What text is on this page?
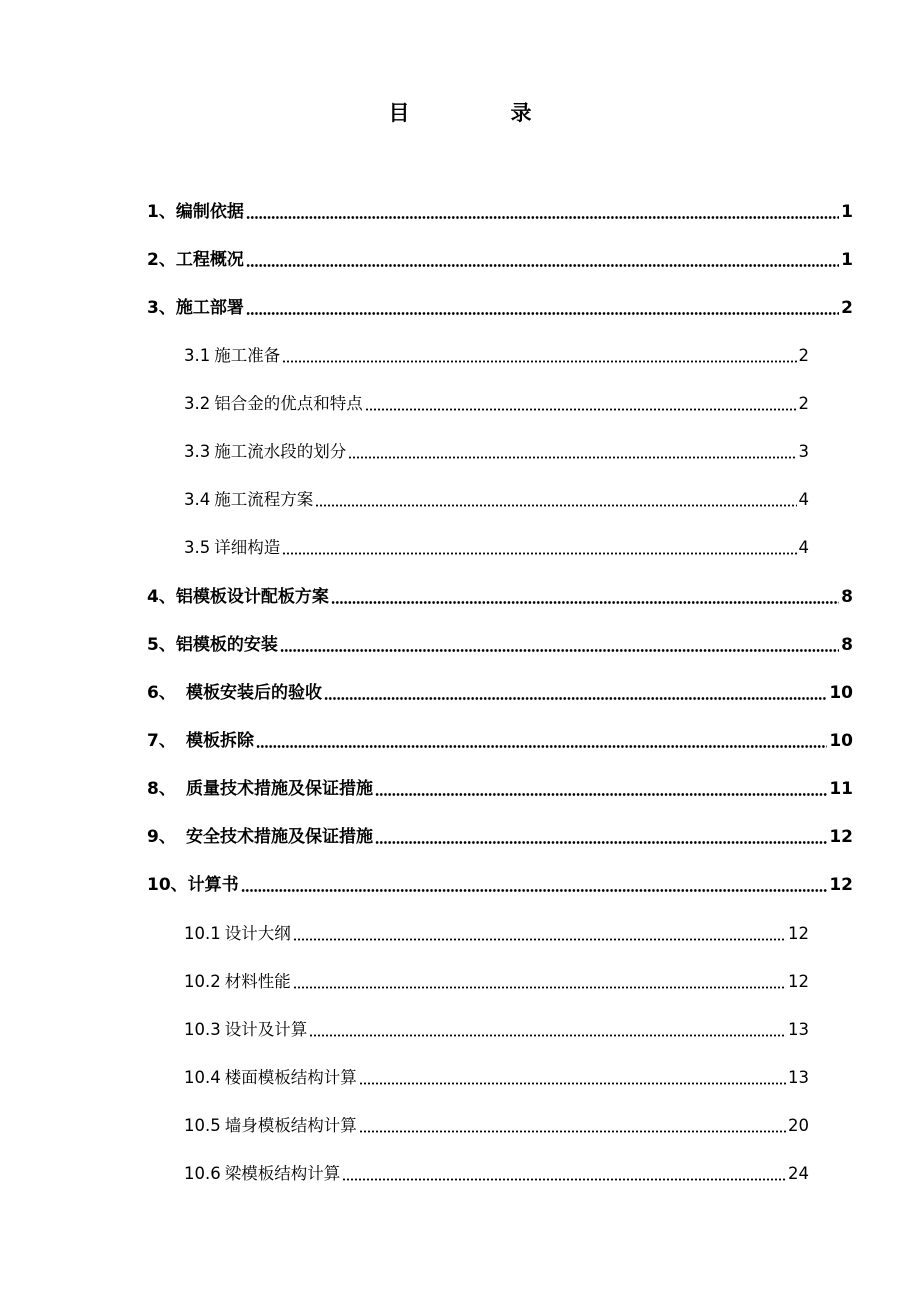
目　录
1、 编制依据	1
2、 工程概况	1
3、 施工部署	2
3.1 施工准备	2
3.2 铝合金的优点和特点	2
3.3 施工流水段的划分	3
3.4 施工流程方案	4
3.5 详细构造	4
4、 铝模板设计配板方案	8
5、 铝模板的安装	8
6、 模板安装后的验收	10
7、 模板拆除	10
8、 质量技术措施及保证措施	11
9、 安全技术措施及保证措施	12
10、 计算书	12
10.1 设计大纲	12
10.2 材料性能	12
10.3 设计及计算	13
10.4 楼面模板结构计算	13
10.5 墙身模板结构计算	20
10.6 梁模板结构计算	24
